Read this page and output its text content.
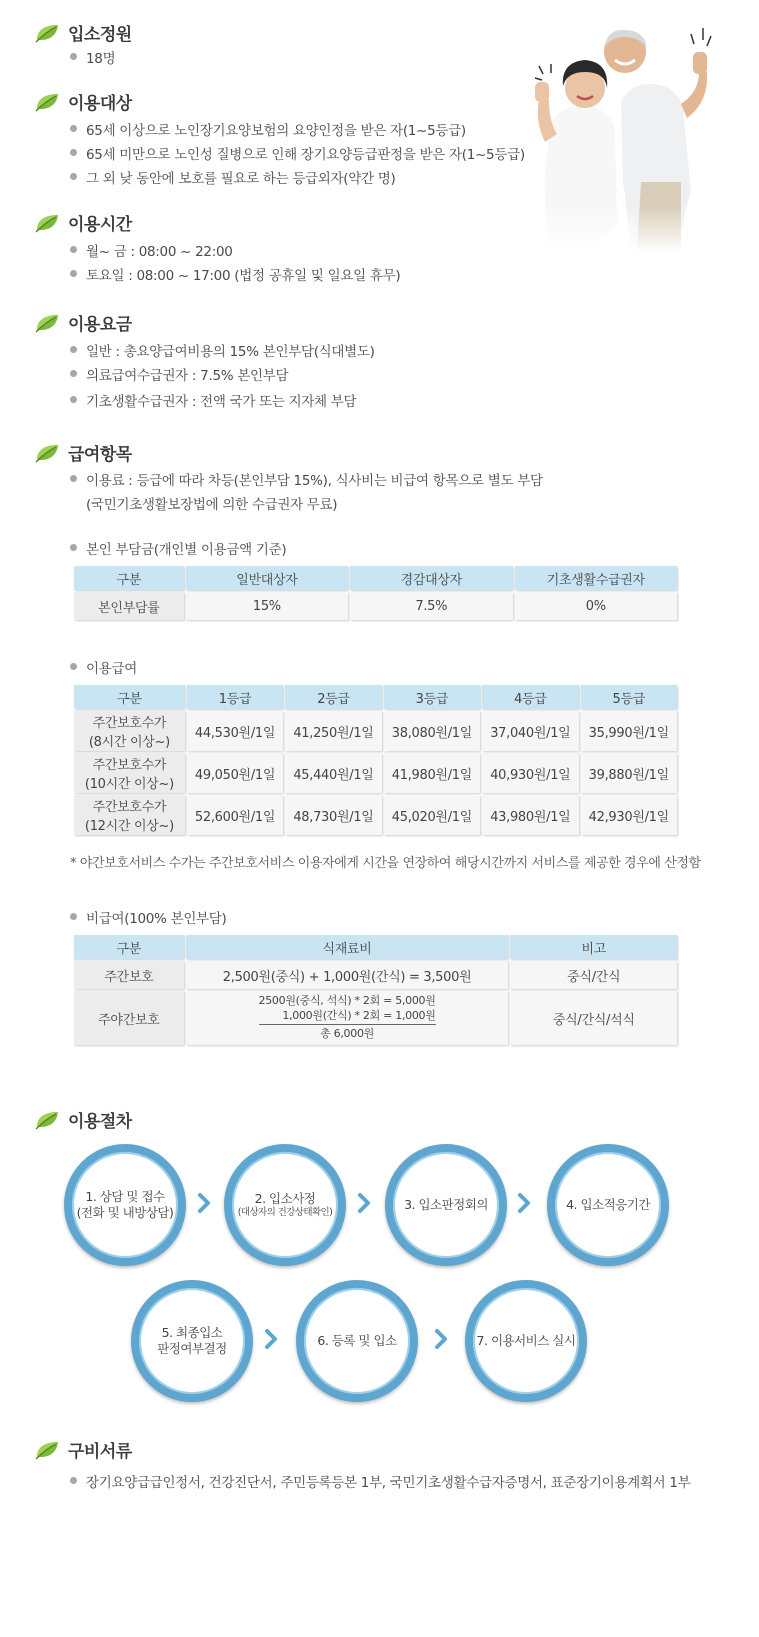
입소정원
18명
이용대상
65세 이상으로 노인장기요양보험의 요양인정을 받은 자(1~5등급)
65세 미만으로 노인성 질병으로 인해 장기요양등급판정을 받은 자(1~5등급)
그 외 낮 동안에 보호를 필요로 하는 등급외자(약간 명)
이용시간
월~ 금 : 08:00 ~ 22:00
토요일 : 08:00 ~ 17:00 (법정 공휴일 및 일요일 휴무)
이용요금
일반 : 총요양급여비용의 15% 본인부담(식대별도)
의료급여수급권자 : 7.5% 본인부담
기초생활수급권자 : 전액 국가 또는 지자체 부담
급여항목
이용료 : 등급에 따라 차등(본인부담 15%), 식사비는 비급여 항목으로 별도 부담
(국민기초생활보장법에 의한 수급권자 무료)
본인 부담금(개인별 이용금액 기준)
구분	일반대상자	경감대상자	기초생활수급권자
본인부담률	15%	7.5%	0%
이용급여
구분	1등급	2등급	3등급	4등급	5등급

주간보호수가
(8시간 이상~)	44,530원/1일	41,250원/1일	38,080원/1일	37,040원/1일	35,990원/1일

주간보호수가
(10시간 이상~)	49,050원/1일	45,440원/1일	41,980원/1일	40,930원/1일	39,880원/1일

주간보호수가
(12시간 이상~)	52,600원/1일	48,730원/1일	45,020원/1일	43,980원/1일	42,930원/1일
* 야간보호서비스 수가는 주간보호서비스 이용자에게 시간을 연장하여 해당시간까지 서비스를 제공한 경우에 산정함
비급여(100% 본인부담)
구분	식재료비	비고
주간보호	2,500원(중식) + 1,000원(간식) = 3,500원	중식/간식
주야간보호	2500원(중식, 석식) * 2회 = 5,000원
1,000원(간식) * 2회 = 1,000원
총 6,000원	중식/간식/석식
이용절차
1. 상담 및 접수
(전화 및 내방상담)
2. 입소사정
(대상자의 건강상태확인)
3. 입소판정회의	4. 입소적응기간
5. 최종입소
판정여부결정
6. 등록 및 입소	7. 이용서비스 실시
구비서류
장기요양급급인정서, 건강진단서, 주민등록등본 1부, 국민기초생활수급자증명서, 표준장기이용계획서 1부
